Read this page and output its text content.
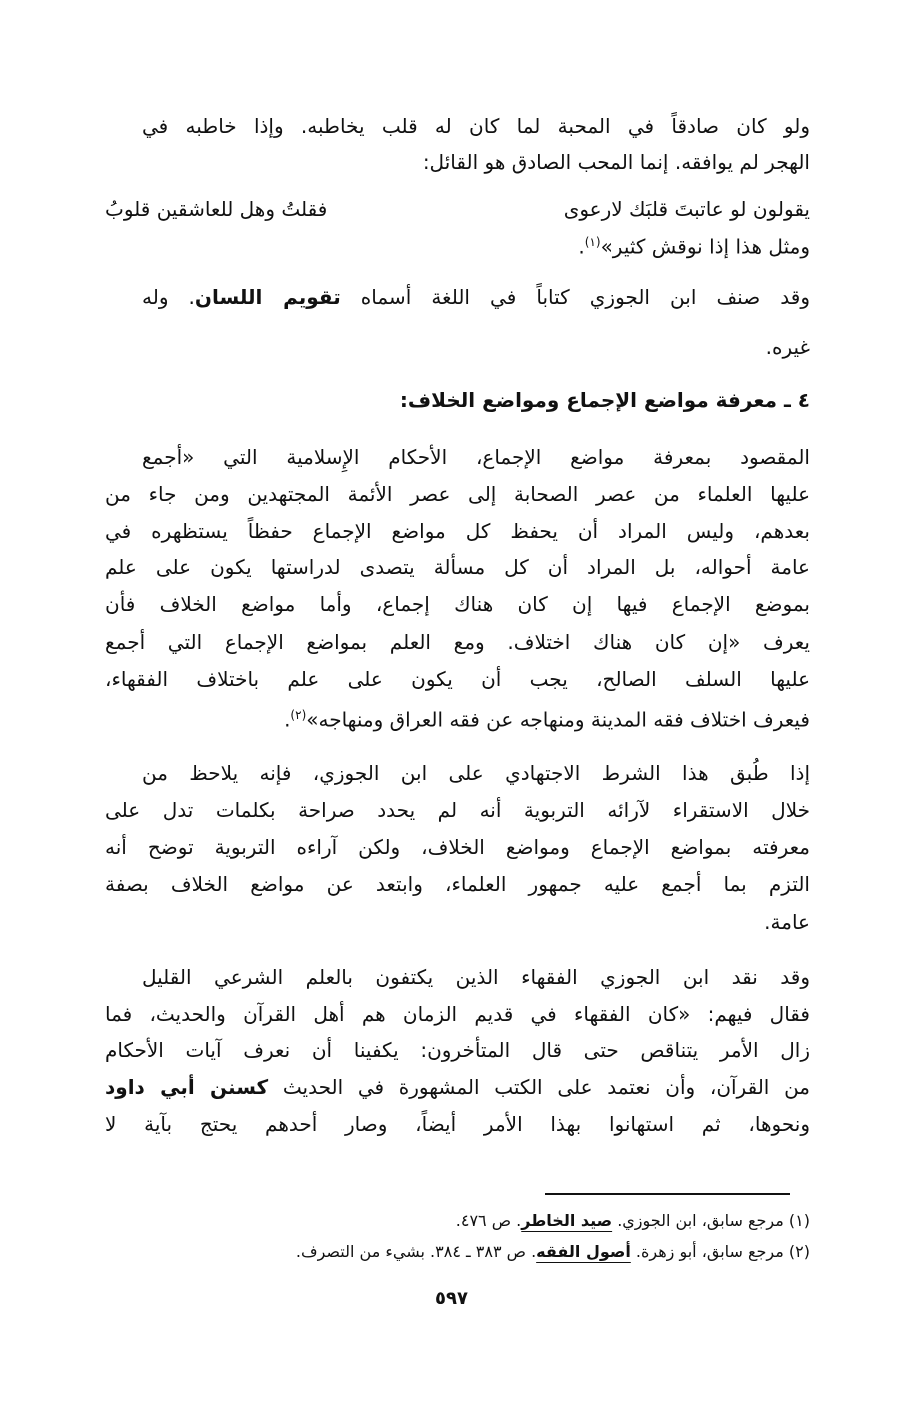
ولو كان صادقاً في المحبة لما كان له قلب يخاطبه. وإذا خاطبه في
الهجر لم يوافقه. إنما المحب الصادق هو القائل:
يقولون لو عاتبتَ قلبَك لارعوى
فقلتُ وهل للعاشقين قلوبُ
ومثل هذا إذا نوقش كثير»$^{(١)}$.
وقد صنف ابن الجوزي كتاباً في اللغة أسماه تقويم اللسان. وله
غيره.
٤ ـ معرفة مواضع الإجماع ومواضع الخلاف:
المقصود بمعرفة مواضع الإجماع، الأحكام الإِسلامية التي «أجمع
عليها العلماء من عصر الصحابة إلى عصر الأئمة المجتهدين ومن جاء من
بعدهم، وليس المراد أن يحفظ كل مواضع الإجماع حفظاً يستظهره في
عامة أحواله، بل المراد أن كل مسألة يتصدى لدراستها يكون على علم
بموضع الإجماع فيها إن كان هناك إجماع، وأما مواضع الخلاف فأن
يعرف «إن كان هناك اختلاف. ومع العلم بمواضع الإجماع التي أجمع
عليها السلف الصالح، يجب أن يكون على علم باختلاف الفقهاء،
فيعرف اختلاف فقه المدينة ومنهاجه عن فقه العراق ومنهاجه»$^{(٢)}$.
إذا طُبق هذا الشرط الاجتهادي على ابن الجوزي، فإنه يلاحظ من
خلال الاستقراء لآرائه التربوية أنه لم يحدد صراحة بكلمات تدل على
معرفته بمواضع الإجماع ومواضع الخلاف، ولكن آراءه التربوية توضح أنه
التزم بما أجمع عليه جمهور العلماء، وابتعد عن مواضع الخلاف بصفة
عامة.
وقد نقد ابن الجوزي الفقهاء الذين يكتفون بالعلم الشرعي القليل
فقال فيهم: «كان الفقهاء في قديم الزمان هم أهل القرآن والحديث، فما
زال الأمر يتناقص حتى قال المتأخرون: يكفينا أن نعرف آيات الأحكام
من القرآن، وأن نعتمد على الكتب المشهورة في الحديث كسنن أبي داود
ونحوها، ثم استهانوا بهذا الأمر أيضاً، وصار أحدهم يحتج بآية لا
(١) مرجع سابق، ابن الجوزي. صيد الخاطر. ص ٤٧٦.
(٢) مرجع سابق، أبو زهرة. أصول الفقه. ص ٣٨٣ ـ ٣٨٤. بشيء من التصرف.
٥٩٧
